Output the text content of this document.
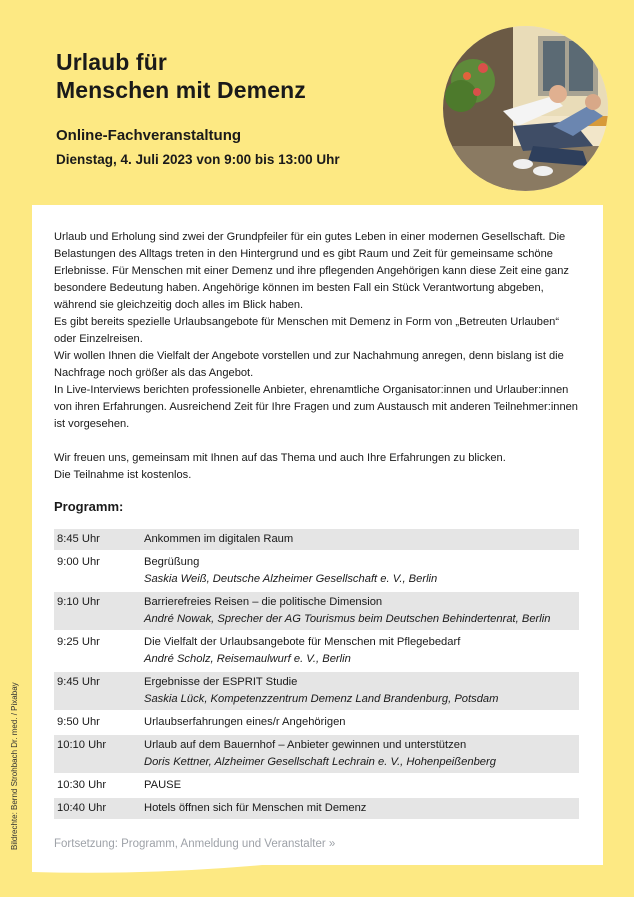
Urlaub für
Menschen mit Demenz

Online-Fachveranstaltung

Dienstag, 4. Juli 2023 von 9:00 bis 13:00 Uhr

Urlaub und Erholung sind zwei der Grundpfeiler für ein gutes Leben in einer modernen Gesellschaft. Die Belastungen des Alltags treten in den Hintergrund und es gibt Raum und Zeit für gemeinsame schöne Erlebnisse. Für Menschen mit einer Demenz und ihre pflegenden Angehörigen kann diese Zeit eine ganz besondere Bedeutung haben. Angehörige können im besten Fall ein Stück Verantwortung abgeben, während sie gleichzeitig doch alles im Blick haben.

Es gibt bereits spezielle Urlaubsangebote für Menschen mit Demenz in Form von „Betreuten Urlauben“ oder Einzelreisen.

Wir wollen Ihnen die Vielfalt der Angebote vorstellen und zur Nachahmung anregen, denn bislang ist die Nachfrage noch größer als das Angebot.

In Live-Interviews berichten professionelle Anbieter, ehrenamtliche Organisator:innen und Urlauber:innen von ihren Erfahrungen. Ausreichend Zeit für Ihre Fragen und zum Austausch mit anderen Teilnehmer:innen ist vorgesehen.

Wir freuen uns, gemeinsam mit Ihnen auf das Thema und auch Ihre Erfahrungen zu blicken.

Die Teilnahme ist kostenlos.

Programm:
8:45 Uhr	Ankommen im digitalen Raum
9:00 Uhr	Begrüßung
Saskia Weiß, Deutsche Alzheimer Gesellschaft e. V., Berlin
9:10 Uhr	Barrierefreies Reisen – die politische Dimension
André Nowak, Sprecher der AG Tourismus beim Deutschen Behindertenrat, Berlin
9:25 Uhr	Die Vielfalt der Urlaubsangebote für Menschen mit Pflegebedarf
André Scholz, Reisemaulwurf e. V., Berlin
9:45 Uhr	Ergebnisse der ESPRIT Studie
Saskia Lück, Kompetenzzentrum Demenz Land Brandenburg, Potsdam
9:50 Uhr	Urlaubserfahrungen eines/r Angehörigen
10:10 Uhr	Urlaub auf dem Bauernhof – Anbieter gewinnen und unterstützen
Doris Kettner, Alzheimer Gesellschaft Lechrain e. V., Hohenpeißenberg
10:30 Uhr	PAUSE
10:40 Uhr	Hotels öffnen sich für Menschen mit Demenz
Fortsetzung: Programm, Anmeldung und Veranstalter »
Bildrechte: Bernd Strohbach Dr. med. / Pixabay
